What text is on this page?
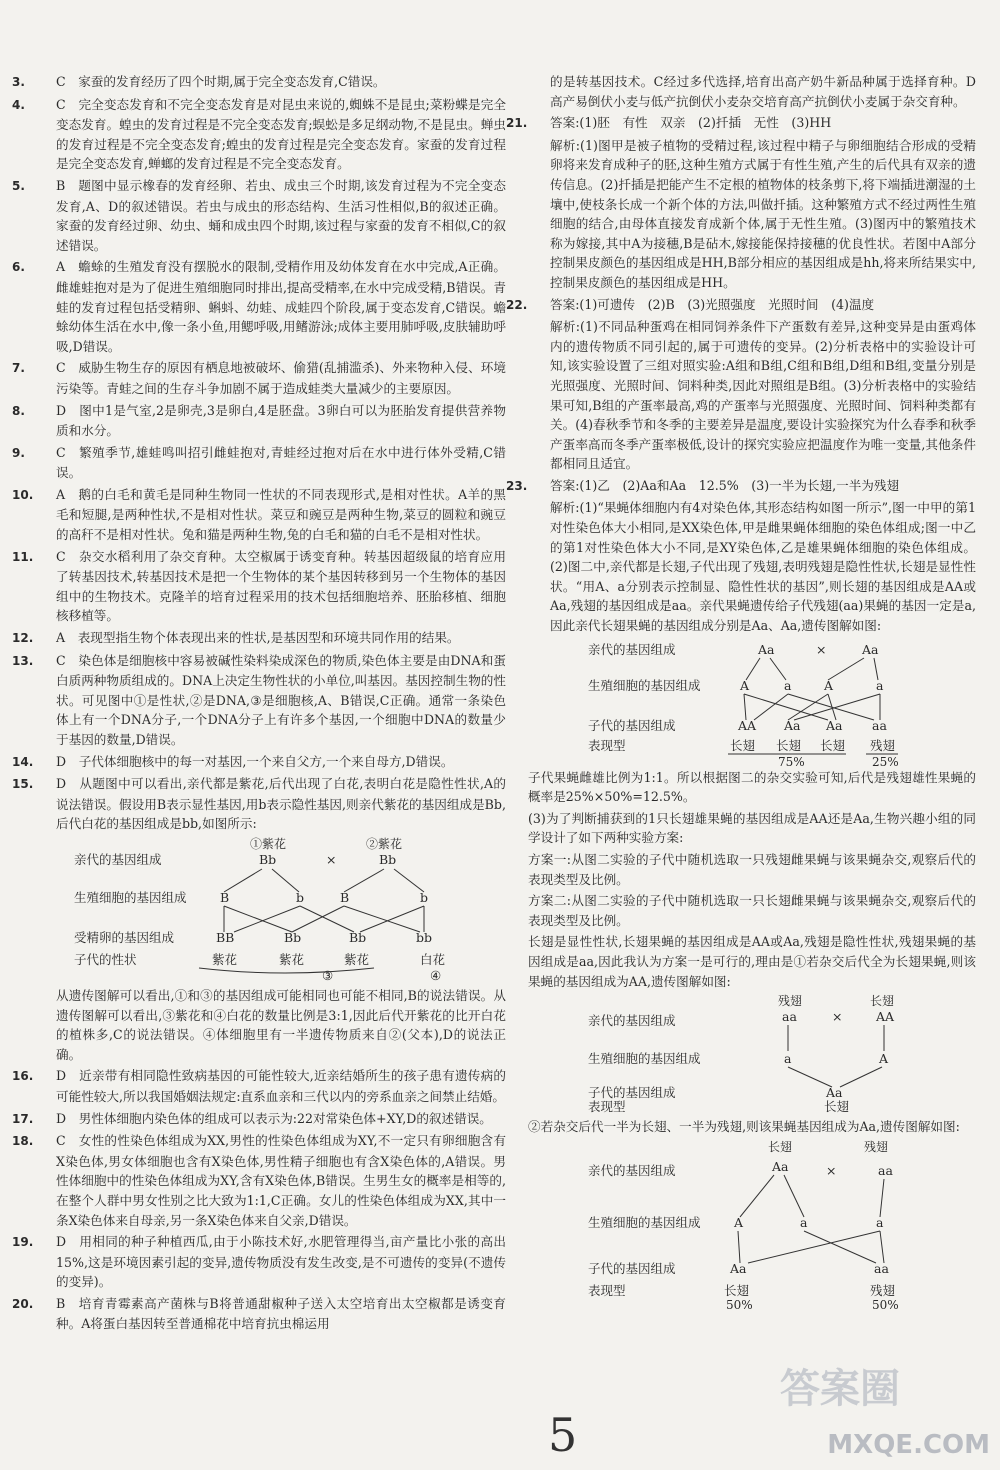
3. C　家蚕的发育经历了四个时期,属于完全变态发育,C错误。

4. C　完全变态发育和不完全变态发育是对昆虫来说的,蜘蛛不是昆虫;菜粉蝶是完全变态发育。蝗虫的发育过程是不完全变态发育;蜈蚣是多足纲动物,不是昆虫。蝉虫的发育过程是不完全变态发育;蝗虫的发育过程是完全变态发育。家蚕的发育过程是完全变态发育,蝉螂的发育过程是不完全变态发育。

5. B　题图中显示橡春的发育经卵、若虫、成虫三个时期,该发育过程为不完全变态发育,A、D的叙述错误。若虫与成虫的形态结构、生活习性相似,B的叙述正确。家蚕的发育经过卵、幼虫、蛹和成虫四个时期,该过程与家蚕的发育不相似,C的叙述错误。

6. A　蟾蜍的生殖发育没有摆脱水的限制,受精作用及幼体发育在水中完成,A正确。雌雄蛙抱对是为了促进生殖细胞同时排出,提高受精率,在水中完成受精,B错误。青蛙的发育过程包括受精卵、蝌蚪、幼蛙、成蛙四个阶段,属于变态发育,C错误。蟾蜍幼体生活在水中,像一条小鱼,用鳃呼吸,用鳍游泳;成体主要用肺呼吸,皮肤辅助呼吸,D错误。

7. C　威胁生物生存的原因有栖息地被破坏、偷猎(乱捕滥杀)、外来物种入侵、环境污染等。青蛙之间的生存斗争加剧不属于造成蛙类大量减少的主要原因。

8. D　图中1是气室,2是卵壳,3是卵白,4是胚盘。3卵白可以为胚胎发育提供营养物质和水分。

9. C　繁殖季节,雄蛙鸣叫招引雌蛙抱对,青蛙经过抱对后在水中进行体外受精,C错误。

10. A　鹅的白毛和黄毛是同种生物同一性状的不同表现形式,是相对性状。A羊的黑毛和短腿,是两种性状,不是相对性状。菜豆和豌豆是两种生物,菜豆的圆粒和豌豆的高秆不是相对性状。兔和猫是两种生物,兔的白毛和猫的白毛不是相对性状。

11. C　杂交水稻利用了杂交育种。太空椒属于诱变育种。转基因超级鼠的培育应用了转基因技术,转基因技术是把一个生物体的某个基因转移到另一个生物体的基因组中的生物技术。克隆羊的培育过程采用的技术包括细胞培养、胚胎移植、细胞核移植等。

12. A　表现型指生物个体表现出来的性状,是基因型和环境共同作用的结果。

13. C　染色体是细胞核中容易被碱性染料染成深色的物质,染色体主要是由DNA和蛋白质两种物质组成的。DNA上决定生物性状的小单位,叫基因。基因控制生物的性状。可见图中①是性状,②是DNA,③是细胞核,A、B错误,C正确。通常一条染色体上有一个DNA分子,一个DNA分子上有许多个基因,一个细胞中DNA的数量少于基因的数量,D错误。

14. D　子代体细胞核中的每一对基因,一个来自父方,一个来自母方,D错误。

15. D　从题图中可以看出,亲代都是紫花,后代出现了白花,表明白花是隐性性状,A的说法错误。假设用B表示显性基因,用b表示隐性基因,则亲代紫花的基因组成是Bb,后代白花的基因组成是bb,如图所示:

亲代的基因组成
生殖细胞的基因组成
受精卵的基因组成
子代的性状
①紫花	②紫花
Bb	×	Bb
B	b	B	b
BB	Bb	Bb	bb
紫花	紫花	紫花	白花
③	④

从遗传图解可以看出,①和③的基因组成可能相同也可能不相同,B的说法错误。从遗传图解可以看出,③紫花和④白花的数量比例是3:1,因此后代开紫花的比开白花的植株多,C的说法错误。④体细胞里有一半遗传物质来自②(父本),D的说法正确。

16. D　近亲带有相同隐性致病基因的可能性较大,近亲结婚所生的孩子患有遗传病的可能性较大,所以我国婚姻法规定:直系血亲和三代以内的旁系血亲之间禁止结婚。

17. D　男性体细胞内染色体的组成可以表示为:22对常染色体+XY,D的叙述错误。

18. C　女性的性染色体组成为XX,男性的性染色体组成为XY,不一定只有卵细胞含有X染色体,男女体细胞也含有X染色体,男性精子细胞也有含X染色体的,A错误。男性体细胞中的性染色体组成为XY,含有X染色体,B错误。生男生女的概率是相等的,在整个人群中男女性别之比大致为1:1,C正确。女儿的性染色体组成为XX,其中一条X染色体来自母亲,另一条X染色体来自父亲,D错误。

19. D　用相同的种子种植西瓜,由于小陈技术好,水肥管理得当,亩产量比小张的高出15%,这是环境因素引起的变异,遗传物质没有发生改变,是不可遗传的变异(不遗传的变异)。

20. B　培育青霉素高产菌株与B将普通甜椒种子送入太空培育出太空椒都是诱变育种。A将蛋白基因转至普通棉花中培育抗虫棉运用

的是转基因技术。C经过多代选择,培育出高产奶牛新品种属于选择育种。D高产易倒伏小麦与低产抗倒伏小麦杂交培育高产抗倒伏小麦属于杂交育种。

21. 答案:(1)胚　有性　双亲　(2)扦插　无性　(3)HH

解析:(1)图甲是被子植物的受精过程,该过程中精子与卵细胞结合形成的受精卵将来发育成种子的胚,这种生殖方式属于有性生殖,产生的后代具有双亲的遗传信息。(2)扦插是把能产生不定根的植物体的枝条剪下,将下端插进潮湿的土壤中,使枝条长成一个新个体的方法,叫做扦插。这种繁殖方式不经过两性生殖细胞的结合,由母体直接发育成新个体,属于无性生殖。(3)图丙中的繁殖技术称为嫁接,其中A为接穗,B是砧木,嫁接能保持接穗的优良性状。若图中A部分控制果皮颜色的基因组成是HH,B部分相应的基因组成是hh,将来所结果实中,控制果皮颜色的基因组成是HH。

22. 答案:(1)可遗传　(2)B　(3)光照强度　光照时间　(4)温度

解析:(1)不同品种蛋鸡在相同饲养条件下产蛋数有差异,这种变异是由蛋鸡体内的遗传物质不同引起的,属于可遗传的变异。(2)分析表格中的实验设计可知,该实验设置了三组对照实验:A组和B组,C组和B组,D组和B组,变量分别是光照强度、光照时间、饲料种类,因此对照组是B组。(3)分析表格中的实验结果可知,B组的产蛋率最高,鸡的产蛋率与光照强度、光照时间、饲料种类都有关。(4)春秋季节和冬季的主要差异是温度,要设计实验探究为什么春季和秋季产蛋率高而冬季产蛋率极低,设计的探究实验应把温度作为唯一变量,其他条件都相同且适宜。

23. 答案:(1)乙　(2)Aa和Aa　12.5%　(3)一半为长翅,一半为残翅

解析:(1)“果蝇体细胞内有4对染色体,其形态结构如图一所示”,图一中甲的第1对性染色体大小相同,是XX染色体,甲是雌果蝇体细胞的染色体组成;图一中乙的第1对性染色体大小不同,是XY染色体,乙是雄果蝇体细胞的染色体组成。(2)图二中,亲代都是长翅,子代出现了残翅,表明残翅是隐性性状,长翅是显性性状。“用A、a分别表示控制显、隐性性状的基因”,则长翅的基因组成是AA或Aa,残翅的基因组成是aa。亲代果蝇遗传给子代残翅(aa)果蝇的基因一定是a,因此亲代长翅果蝇的基因组成分别是Aa、Aa,遗传图解如图:

亲代的基因组成
生殖细胞的基因组成
子代的基因组成
表现型
Aa	×	Aa
A	a	A	a
AA Aa Aa aa
长翅 长翅 长翅 残翅
75%	25%

子代果蝇雌雄比例为1:1。所以根据图二的杂交实验可知,后代是残翅雄性果蝇的概率是25%×50%=12.5%。

(3)为了判断捕获到的1只长翅雄果蝇的基因组成是AA还是Aa,生物兴趣小组的同学设计了如下两种实验方案:

方案一:从图二实验的子代中随机选取一只残翅雌果蝇与该果蝇杂交,观察后代的表现类型及比例。

方案二:从图二实验的子代中随机选取一只长翅雌果蝇与该果蝇杂交,观察后代的表现类型及比例。

长翅是显性性状,长翅果蝇的基因组成是AA或Aa,残翅是隐性性状,残翅果蝇的基因组成是aa,因此我认为方案一是可行的,理由是①若杂交后代全为长翅果蝇,则该果蝇的基因组成为AA,遗传图解如图:

残翅	长翅
亲代的基因组成
生殖细胞的基因组成
子代的基因组成
表现型
aa	×	AA
a	A
Aa
长翅

②若杂交后代一半为长翅、一半为残翅,则该果蝇基因组成为Aa,遗传图解如图:

长翅	残翅
亲代的基因组成
生殖细胞的基因组成
子代的基因组成
表现型
Aa	×	aa
A	a	a
Aa	aa
长翅	残翅
50%	50%
5
答案圈
MXQE.COM
